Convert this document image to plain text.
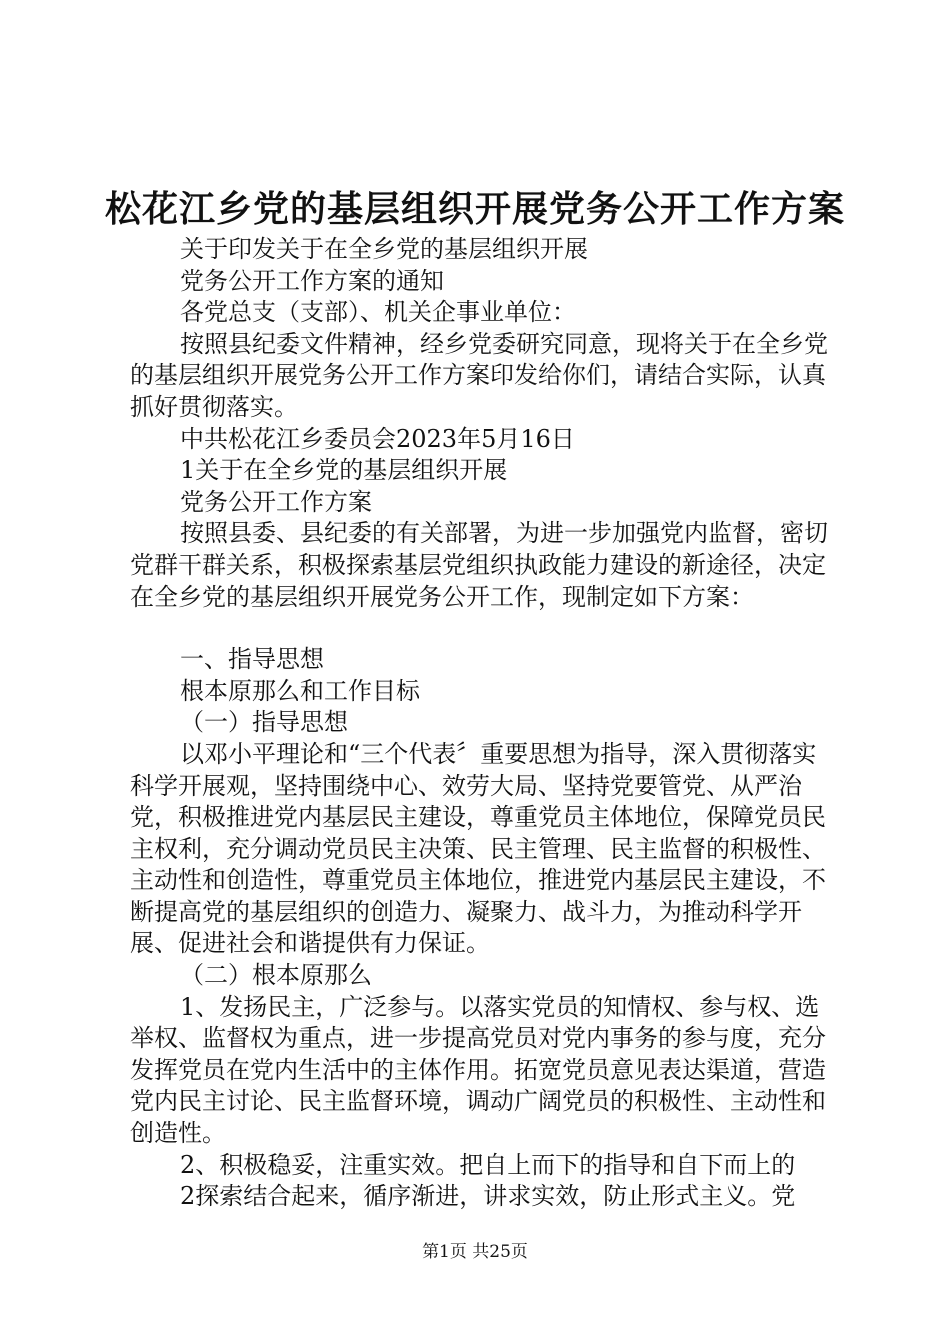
松花江乡党的基层组织开展党务公开工作方案

关于印发关于在全乡党的基层组织开展

党务公开工作方案的通知

各党总支（支部）、机关企事业单位：

按照县纪委文件精神，经乡党委研究同意，现将关于在全乡党的基层组织开展党务公开工作方案印发给你们，请结合实际，认真抓好贯彻落实。

中共松花江乡委员会2023年5月16日

1关于在全乡党的基层组织开展

党务公开工作方案

按照县委、县纪委的有关部署，为进一步加强党内监督，密切党群干群关系，积极探索基层党组织执政能力建设的新途径，决定在全乡党的基层组织开展党务公开工作，现制定如下方案：

一、指导思想

根本原那么和工作目标

（一）指导思想

以邓小平理论和“三个代表〞重要思想为指导，深入贯彻落实科学开展观，坚持围绕中心、效劳大局、坚持党要管党、从严治党，积极推进党内基层民主建设，尊重党员主体地位，保障党员民主权利，充分调动党员民主决策、民主管理、民主监督的积极性、主动性和创造性，尊重党员主体地位，推进党内基层民主建设，不断提高党的基层组织的创造力、凝聚力、战斗力，为推动科学开展、促进社会和谐提供有力保证。

（二）根本原那么

1、发扬民主，广泛参与。以落实党员的知情权、参与权、选举权、监督权为重点，进一步提高党员对党内事务的参与度，充分发挥党员在党内生活中的主体作用。拓宽党员意见表达渠道，营造党内民主讨论、民主监督环境，调动广阔党员的积极性、主动性和创造性。

2、积极稳妥，注重实效。把自上而下的指导和自下而上的

2探索结合起来，循序渐进，讲求实效，防止形式主义。党

第1页 共25页
